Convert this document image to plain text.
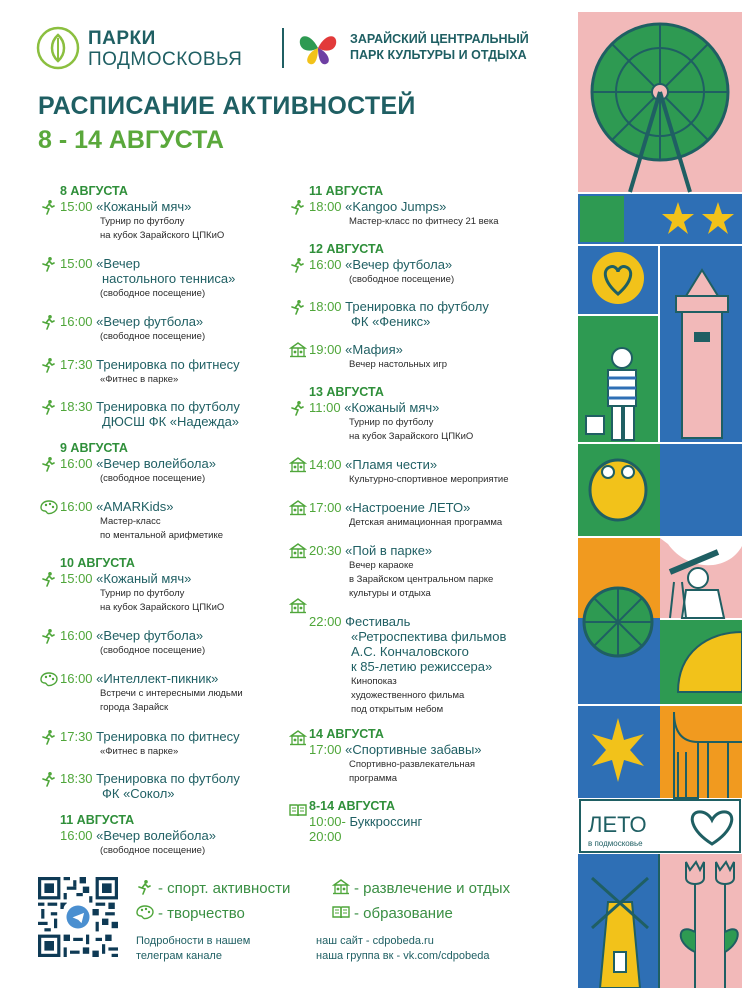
ПАРКИ
ПОДМОСКОВЬЯ
ЗАРАЙСКИЙ ЦЕНТРАЛЬНЫЙ
ПАРК КУЛЬТУРЫ И ОТДЫХА
РАСПИСАНИЕ АКТИВНОСТЕЙ
8 - 14 АВГУСТА
8 АВГУСТА
15:00 «Кожаный мяч»
Турнир по футболу
на кубок Зарайского ЦПКиО
15:00 «Вечер
настольного тенниса»
(свободное посещение)
16:00 «Вечер футбола»
(свободное посещение)
17:30 Тренировка по фитнесу
«Фитнес в парке»
18:30 Тренировка по футболу
ДЮСШ ФК «Надежда»
9 АВГУСТА
16:00 «Вечер волейбола»
(свободное посещение)
16:00 «AMARKids»
Мастер-класс
по ментальной арифметике
10 АВГУСТА
15:00 «Кожаный мяч»
Турнир по футболу
на кубок Зарайского ЦПКиО
16:00 «Вечер футбола»
(свободное посещение)
16:00 «Интеллект-пикник»
Встречи с интересными людьми
города Зарайск
17:30 Тренировка по фитнесу
«Фитнес в парке»
18:30 Тренировка по футболу
ФК «Сокол»
11 АВГУСТА
16:00 «Вечер волейбола»
(свободное посещение)
11 АВГУСТА
18:00 «Kangoo Jumps»
Мастер-класс по фитнесу 21 века
12 АВГУСТА
16:00 «Вечер футбола»
(свободное посещение)
18:00 Тренировка по футболу
ФК «Феникс»
19:00 «Мафия»
Вечер настольных игр
13 АВГУСТА
11:00 «Кожаный мяч»
Турнир по футболу
на кубок Зарайского ЦПКиО
14:00 «Пламя чести»
Культурно-спортивное мероприятие
17:00 «Настроение ЛЕТО»
Детская анимационная программа
20:30 «Пой в парке»
Вечер караоке
в Зарайском центральном парке
культуры и отдыха
22:00 Фестиваль
«Ретроспектива фильмов
А.С. Кончаловского
к 85-летию режиссера»
Кинопоказ
художественного фильма
под открытым небом
14 АВГУСТА
17:00 «Спортивные забавы»
Спортивно-развлекательная
программа
8-14 АВГУСТА
10:00- Буккроссинг
20:00
- спорт. активности	- развлечение и отдых
- творчество	- образование
Подробности в нашем
телеграм канале
наш сайт - cdpobeda.ru
наша группа вк - vk.com/cdpobeda
ЛЕТО
в подмосковье
